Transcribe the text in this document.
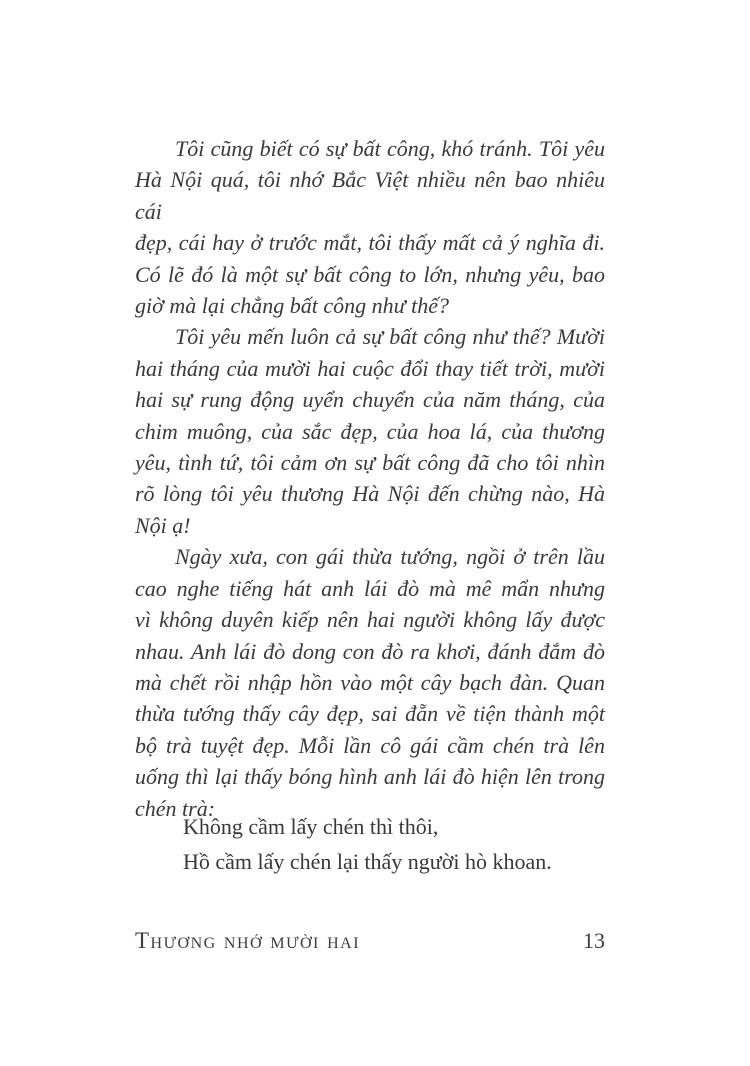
Tôi cũng biết có sự bất công, khó tránh. Tôi yêu
Hà Nội quá, tôi nhớ Bắc Việt nhiều nên bao nhiêu cái
đẹp, cái hay ở trước mắt, tôi thấy mất cả ý nghĩa đi.
Có lẽ đó là một sự bất công to lớn, nhưng yêu, bao
giờ mà lại chẳng bất công như thế?
Tôi yêu mến luôn cả sự bất công như thế? Mười
hai tháng của mười hai cuộc đổi thay tiết trời, mười
hai sự rung động uyển chuyển của năm tháng, của
chim muông, của sắc đẹp, của hoa lá, của thương
yêu, tình tứ, tôi cảm ơn sự bất công đã cho tôi nhìn
rõ lòng tôi yêu thương Hà Nội đến chừng nào, Hà
Nội ạ!
Ngày xưa, con gái thừa tướng, ngồi ở trên lầu
cao nghe tiếng hát anh lái đò mà mê mẩn nhưng
vì không duyên kiếp nên hai người không lấy được
nhau. Anh lái đò dong con đò ra khơi, đánh đắm đò
mà chết rồi nhập hồn vào một cây bạch đàn. Quan
thừa tướng thấy cây đẹp, sai đẵn về tiện thành một
bộ trà tuyệt đẹp. Mỗi lần cô gái cầm chén trà lên
uống thì lại thấy bóng hình anh lái đò hiện lên trong
chén trà:
Không cầm lấy chén thì thôi,
Hồ cầm lấy chén lại thấy người hò khoan.
Thương nhớ mười hai	13
